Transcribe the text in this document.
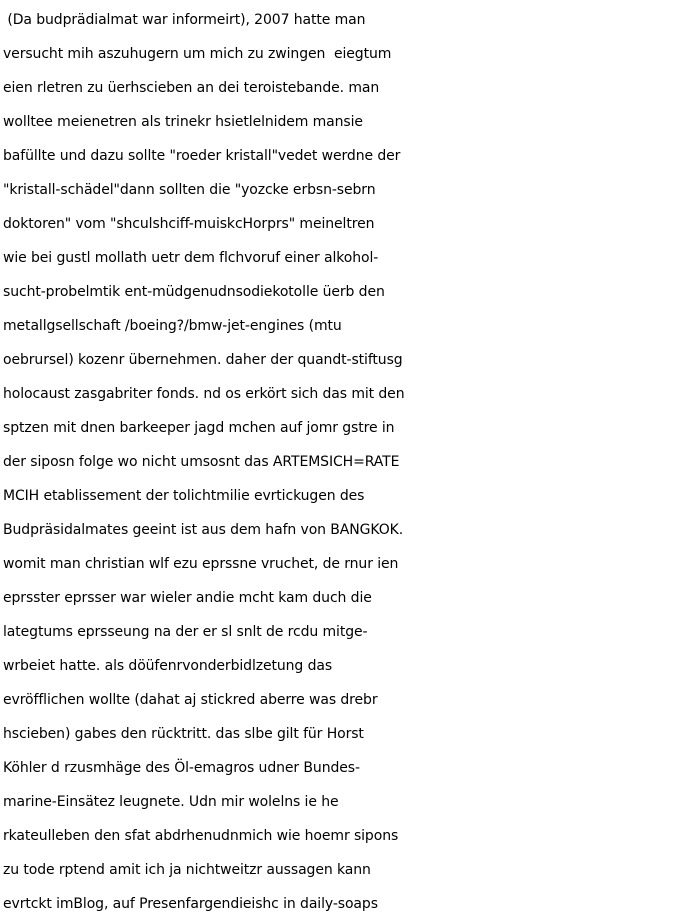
(Da budprädialmat war informeirt), 2007 hatte man
versucht mih aszuhugern um mich zu zwingen  eiegtum
eien rletren zu üerhscieben an dei teroistebande. man
wolltee meienetren als trinekr hsietlelnidem mansie
bafüllte und dazu sollte "roeder kristall"vedet werdne der
"kristall-schädel"dann sollten die "yozcke erbsn-sebrn
doktoren" vom "shculshciff-muiskcHorprs" meineltren
wie bei gustl mollath uetr dem flchvoruf einer alkohol-
sucht-probelmtik ent-müdgenudnsodiekotolle üerb den
metallgsellschaft /boeing?/bmw-jet-engines (mtu
oebrursel) kozenr übernehmen. daher der quandt-stiftusg
holocaust zasgabriter fonds. nd os erkört sich das mit den
sptzen mit dnen barkeeper jagd mchen auf jomr gstre in
der siposn folge wo nicht umsosnt das ARTEMSICH=RATE
MCIH etablissement der tolichtmilie evrtickugen des
Budpräsidalmates geeint ist aus dem hafn von BANGKOK.
womit man christian wlf ezu eprssne vruchet, de rnur ien
eprsster eprsser war wieler andie mcht kam duch die
lategtums eprsseung na der er sl snlt de rcdu mitge-
wrbeiet hatte. als döüfenrvonderbidlzetung das
evröfflichen wollte (dahat aj stickred aberre was drebr
hscieben) gabes den rücktritt. das slbe gilt für Horst
Köhler d rzusmhäge des Öl-emagros udner Bundes-
marine-Einsätez leugnete. Udn mir wolelns ie he
rkateulleben den sfat abdrhenudnmich wie hoemr sipons
zu tode rptend amit ich ja nichtweitzr aussagen kann
evrtckt imBlog, auf Presenfargendieishc in daily-soaps
